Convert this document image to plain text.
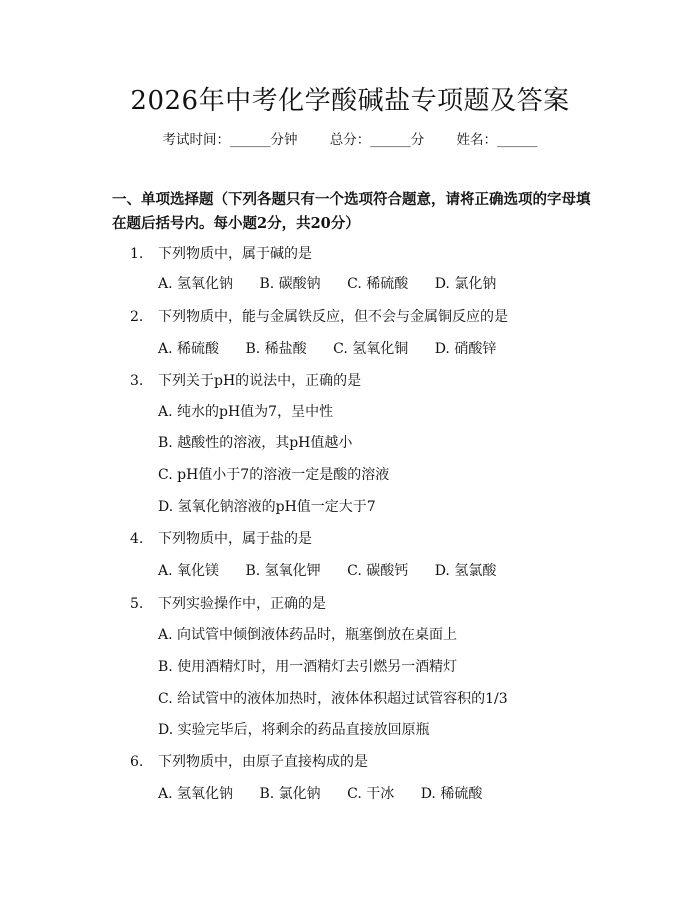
2026年中考化学酸碱盐专项题及答案
考试时间：______分钟 总分：______分 姓名：______
一、单项选择题（下列各题只有一个选项符合题意，请将正确选项的字母填在题后括号内。每小题2分，共20分）
1.	下列物质中，属于碱的是
A. 氢氧化钠 B. 碳酸钠 C. 稀硫酸 D. 氯化钠
2.	下列物质中，能与金属铁反应，但不会与金属铜反应的是
A. 稀硫酸 B. 稀盐酸 C. 氢氧化铜 D. 硝酸锌
3.	下列关于pH的说法中，正确的是
A. 纯水的pH值为7，呈中性
B. 越酸性的溶液，其pH值越小
C. pH值小于7的溶液一定是酸的溶液
D. 氢氧化钠溶液的pH值一定大于7
4.	下列物质中，属于盐的是
A. 氧化镁 B. 氢氧化钾 C. 碳酸钙 D. 氢氯酸
5.	下列实验操作中，正确的是
A. 向试管中倾倒液体药品时，瓶塞倒放在桌面上
B. 使用酒精灯时，用一酒精灯去引燃另一酒精灯
C. 给试管中的液体加热时，液体体积超过试管容积的1/3
D. 实验完毕后，将剩余的药品直接放回原瓶
6.	下列物质中，由原子直接构成的是
A. 氢氧化钠 B. 氯化钠 C. 干冰 D. 稀硫酸
